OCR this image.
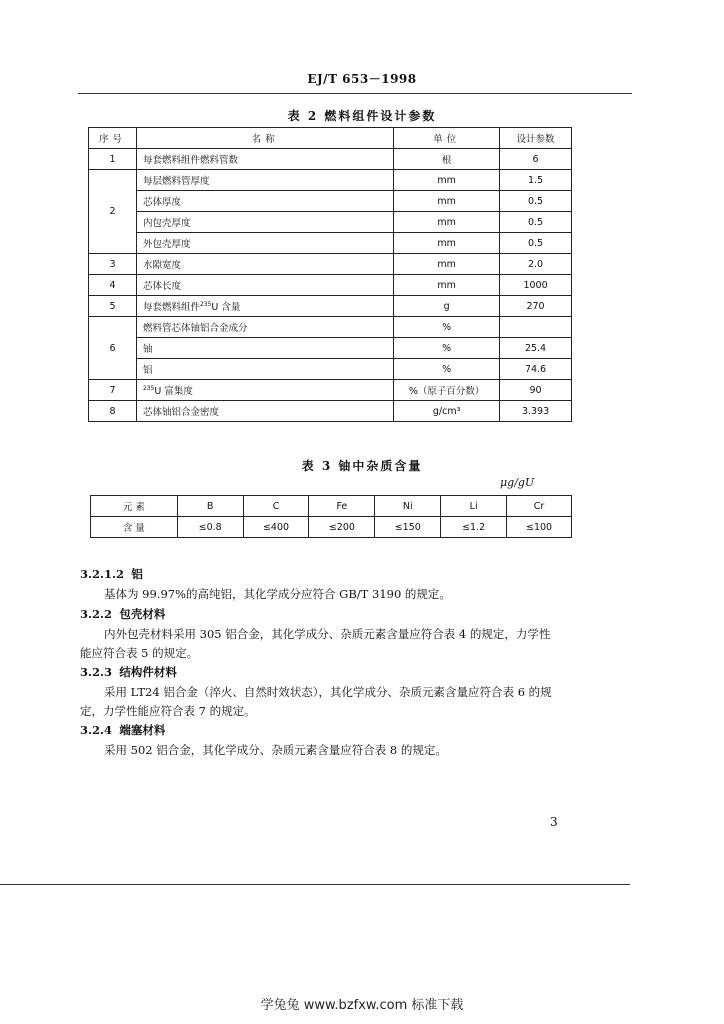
EJ/T 653－1998
表 2 燃料组件设计参数
序号	名称	单位	设计参数
1	每套燃料组件燃料管数	根	6
2	每层燃料管厚度	mm	1.5
	芯体厚度	mm	0.5
	内包壳厚度	mm	0.5
	外包壳厚度	mm	0.5
3	水隙宽度	mm	2.0
4	芯体长度	mm	1000
5	每套燃料组件$^{235}$U 含量	g	270
6	燃料管芯体铀铝合金成分	%	
	铀	%	25.4
	铝	%	74.6
7	$^{235}$U 富集度	%（原子百分数）	90
8	芯体铀铝合金密度	g/cm³	3.393
表 3 铀中杂质含量
μg/gU
元 素	B	C	Fe	Ni	Li	Cr
含 量	≤0.8	≤400	≤200	≤150	≤1.2	≤100
3.2.1.2 铝
基体为 99.97%的高纯铝，其化学成分应符合 GB/T 3190 的规定。
3.2.2 包壳材料
内外包壳材料采用 305 铝合金，其化学成分、杂质元素含量应符合表 4 的规定，力学性
能应符合表 5 的规定。
3.2.3 结构件材料
采用 LT24 铝合金（淬火、自然时效状态），其化学成分、杂质元素含量应符合表 6 的规
定，力学性能应符合表 7 的规定。
3.2.4 端塞材料
采用 502 铝合金，其化学成分、杂质元素含量应符合表 8 的规定。
3
学兔兔 www.bzfxw.com 标准下载
